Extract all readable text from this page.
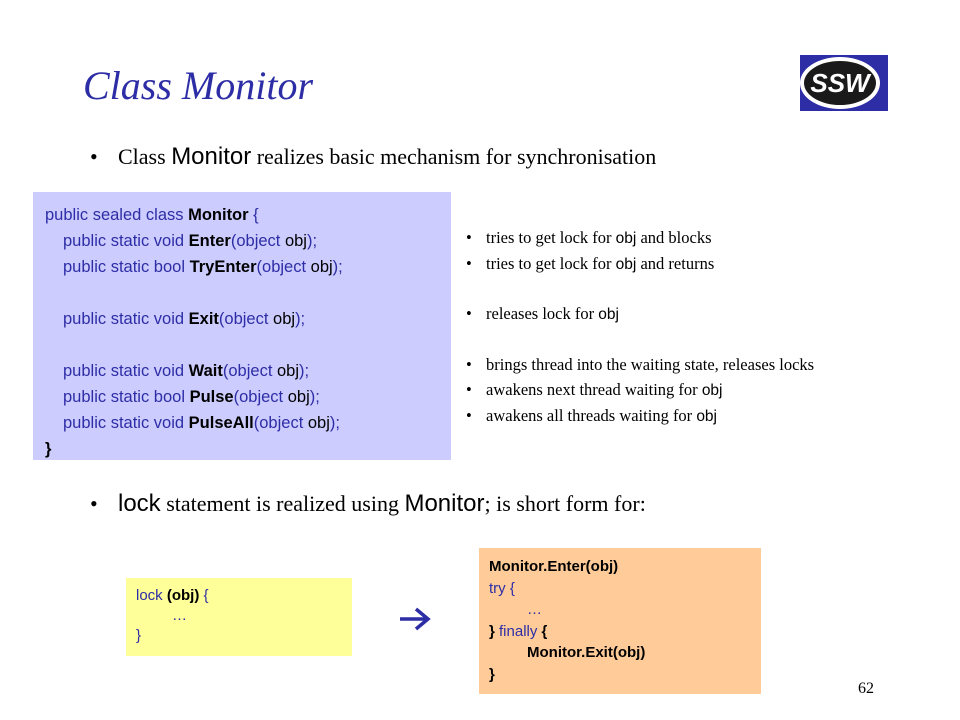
Class Monitor	SSW
• Class Monitor realizes basic mechanism for synchronisation
public sealed class Monitor {
public static void Enter(object obj);
public static bool TryEnter(object obj);
public static void Exit(object obj);
public static void Wait(object obj);
public static bool Pulse(object obj);
public static void PulseAll(object obj);
}
• tries to get lock for obj and blocks
• tries to get lock for obj and returns
• releases lock for obj
• brings thread into the waiting state, releases locks
• awakens next thread waiting for obj
• awakens all threads waiting for obj
• lock statement is realized using Monitor; is short form for:
lock (obj) {
…
}
Monitor.Enter(obj)
try {
…
} finally {
Monitor.Exit(obj)
}
62
